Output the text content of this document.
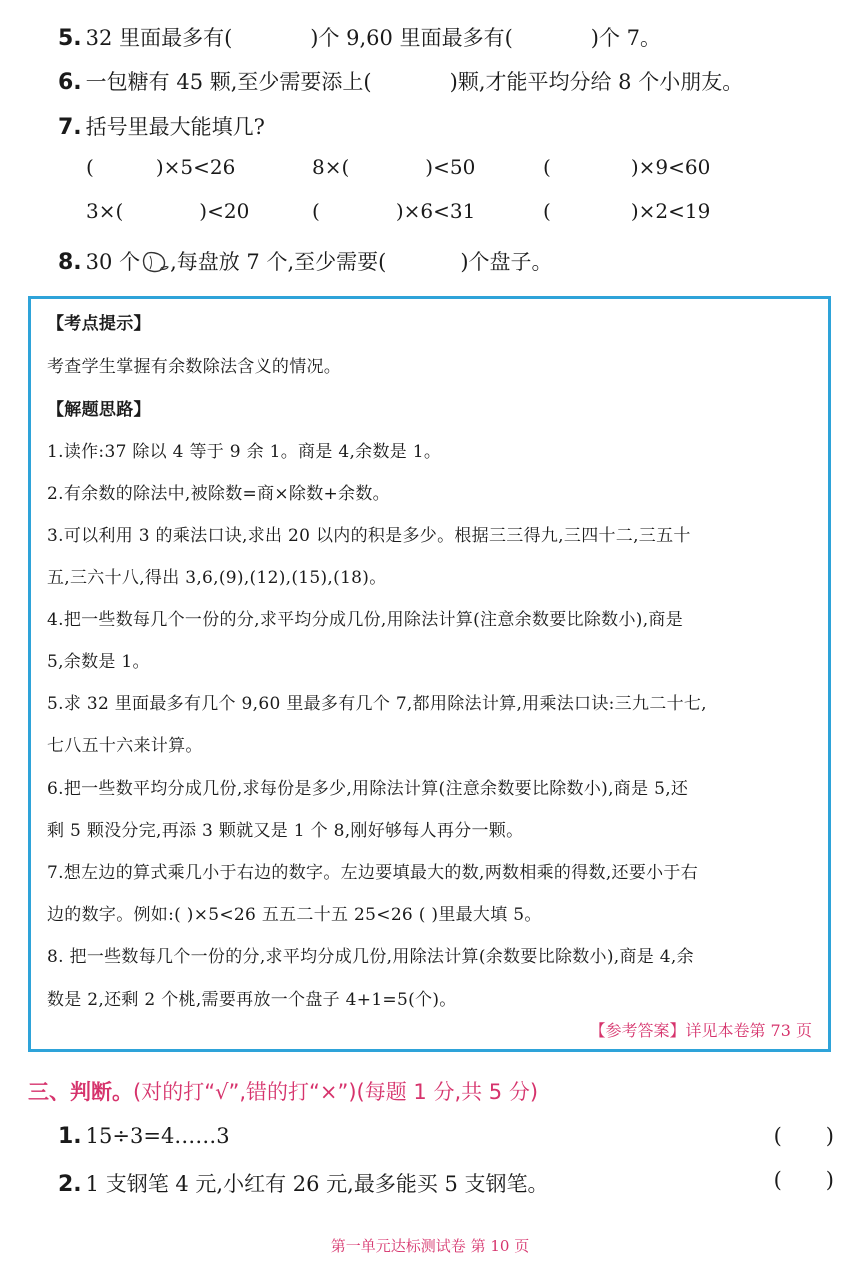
5. 32 里面最多有(	)个 9,60 里面最多有(	)个 7。
6. 一包糖有 45 颗,至少需要添上(	)颗,才能平均分给 8 个小朋友。
7. 括号里最大能填几?
(	)×5<26	8×(	)<50	(	)×9<60
3×(	)<20	(	)×6<31	(	)×2<19
8. 30 个 ,每盘放 7 个,至少需要(	)个盘子。
【考点提示】
考查学生掌握有余数除法含义的情况。
【解题思路】
1.读作:37 除以 4 等于 9 余 1。商是 4,余数是 1。
2.有余数的除法中,被除数=商×除数+余数。
3.可以利用 3 的乘法口诀,求出 20 以内的积是多少。根据三三得九,三四十二,三五十
五,三六十八,得出 3,6,(9),(12),(15),(18)。
4.把一些数每几个一份的分,求平均分成几份,用除法计算(注意余数要比除数小),商是
5,余数是 1。
5.求 32 里面最多有几个 9,60 里最多有几个 7,都用除法计算,用乘法口诀:三九二十七,
七八五十六来计算。
6.把一些数平均分成几份,求每份是多少,用除法计算(注意余数要比除数小),商是 5,还
剩 5 颗没分完,再添 3 颗就又是 1 个 8,刚好够每人再分一颗。
7.想左边的算式乘几小于右边的数字。左边要填最大的数,两数相乘的得数,还要小于右
边的数字。例如:( )×5<26 五五二十五 25<26 ( )里最大填 5。
8. 把一些数每几个一份的分,求平均分成几份,用除法计算(余数要比除数小),商是 4,余
数是 2,还剩 2 个桃,需要再放一个盘子 4+1=5(个)。
【参考答案】详见本卷第 73 页
三、判断。(对的打“√”,错的打“×”)(每题 1 分,共 5 分)
1. 15÷3=4……3	( )
2. 1 支钢笔 4 元,小红有 26 元,最多能买 5 支钢笔。	( )
第一单元达标测试卷 第 10 页
